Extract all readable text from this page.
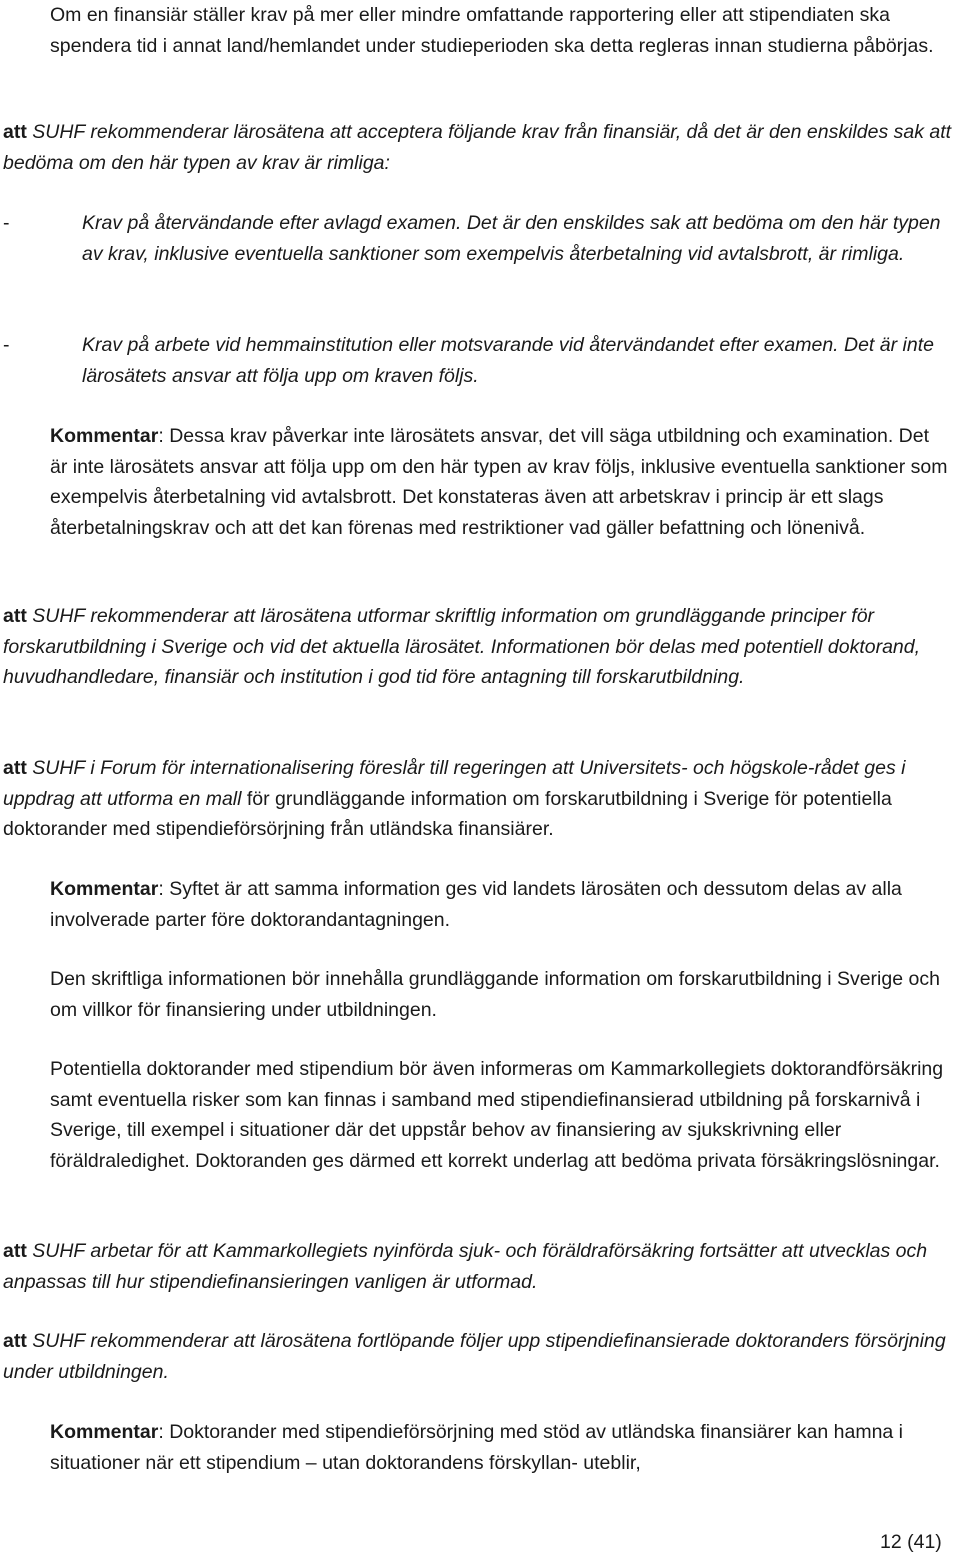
Om en finansiär ställer krav på mer eller mindre omfattande rapportering eller att stipendiaten ska spendera tid i annat land/hemlandet under studieperioden ska detta regleras innan studierna påbörjas.

att SUHF rekommenderar lärosätena att acceptera följande krav från finansiär, då det är den enskildes sak att bedöma om den här typen av krav är rimliga:

-	Krav på återvändande efter avlagd examen. Det är den enskildes sak att bedöma om den här typen av krav, inklusive eventuella sanktioner som exempelvis återbetalning vid avtalsbrott, är rimliga.

-	Krav på arbete vid hemmainstitution eller motsvarande vid återvändandet efter examen. Det är inte lärosätets ansvar att följa upp om kraven följs.

Kommentar: Dessa krav påverkar inte lärosätets ansvar, det vill säga utbildning och examination. Det är inte lärosätets ansvar att följa upp om den här typen av krav följs, inklusive eventuella sanktioner som exempelvis återbetalning vid avtalsbrott. Det konstateras även att arbetskrav i princip är ett slags återbetalningskrav och att det kan förenas med restriktioner vad gäller befattning och lönenivå.

att SUHF rekommenderar att lärosätena utformar skriftlig information om grundläggande principer för forskarutbildning i Sverige och vid det aktuella lärosätet. Informationen bör delas med potentiell doktorand, huvudhandledare, finansiär och institution i god tid före antagning till forskarutbildning.

att SUHF i Forum för internationalisering föreslår till regeringen att Universitets- och högskole-rådet ges i uppdrag att utforma en mall för grundläggande information om forskarutbildning i Sverige för potentiella doktorander med stipendieförsörjning från utländska finansiärer.

Kommentar: Syftet är att samma information ges vid landets lärosäten och dessutom delas av alla involverade parter före doktorandantagningen.

Den skriftliga informationen bör innehålla grundläggande information om forskarutbildning i Sverige och om villkor för finansiering under utbildningen.

Potentiella doktorander med stipendium bör även informeras om Kammarkollegiets doktorandförsäkring samt eventuella risker som kan finnas i samband med stipendiefinansierad utbildning på forskarnivå i Sverige, till exempel i situationer där det uppstår behov av finansiering av sjukskrivning eller föräldraledighet. Doktoranden ges därmed ett korrekt underlag att bedöma privata försäkringslösningar.

att SUHF arbetar för att Kammarkollegiets nyinförda sjuk- och föräldraförsäkring fortsätter att utvecklas och anpassas till hur stipendiefinansieringen vanligen är utformad.

att SUHF rekommenderar att lärosätena fortlöpande följer upp stipendiefinansierade doktoranders försörjning under utbildningen.

Kommentar: Doktorander med stipendieförsörjning med stöd av utländska finansiärer kan hamna i situationer när ett stipendium – utan doktorandens förskyllan- uteblir,

12 (41)
